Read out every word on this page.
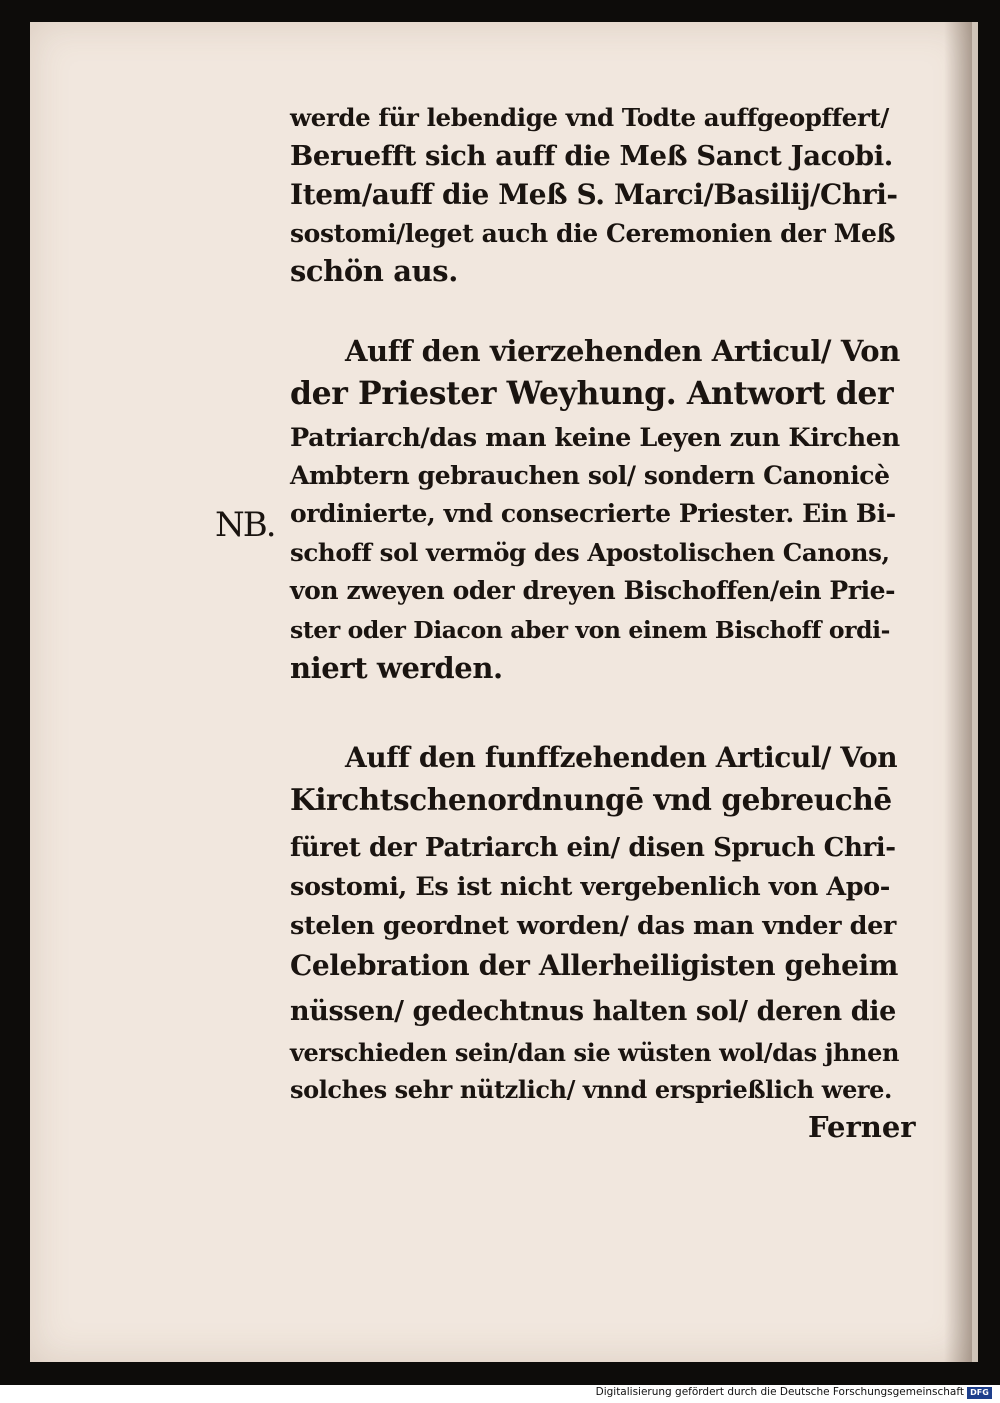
NB.
werde für lebendige vnd Todte auffgeopffert/
Beruefft sich auff die Meß Sanct Jacobi.
Item/auff die Meß S. Marci/Basilij/Chri-
sostomi/leget auch die Ceremonien der Meß
schön aus.
Auff den vierzehenden Articul/ Von
der Priester Weyhung. Antwort der
Patriarch/das man keine Leyen zun Kirchen
Ambtern gebrauchen sol/ sondern Canonicè
ordinierte, vnd consecrierte Priester. Ein Bi-
schoff sol vermög des Apostolischen Canons,
von zweyen oder dreyen Bischoffen/ein Prie-
ster oder Diacon aber von einem Bischoff ordi-
niert werden.
Auff den funffzehenden Articul/ Von
Kirchtschenordnungē vnd gebreuchē
füret der Patriarch ein/ disen Spruch Chri-
sostomi, Es ist nicht vergebenlich von Apo-
stelen geordnet worden/ das man vnder der
Celebration der Allerheiligisten geheim
nüssen/ gedechtnus halten sol/ deren die
verschieden sein/dan sie wüsten wol/das jhnen
solches sehr nützlich/ vnnd ersprießlich were.
Ferner
Digitalisierung gefördert durch die Deutsche Forschungsgemeinschaft DFG
